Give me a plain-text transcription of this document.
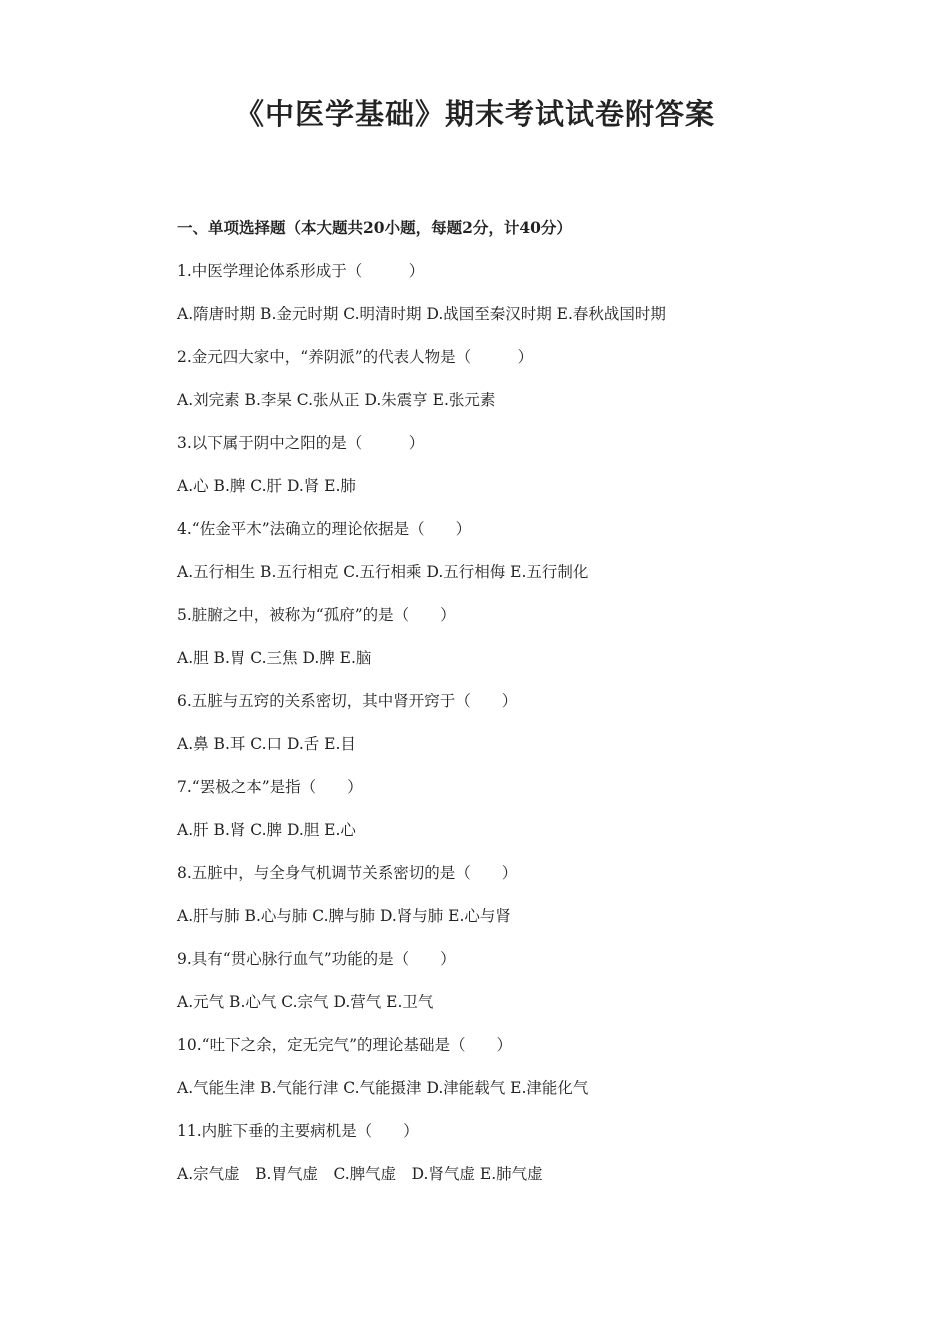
《中医学基础》期末考试试卷附答案
一、单项选择题（本大题共20小题，每题2分，计40分）
1.中医学理论体系形成于（　　　）
A.隋唐时期 B.金元时期 C.明清时期 D.战国至秦汉时期 E.春秋战国时期
2.金元四大家中，“养阴派”的代表人物是（　　　）
A.刘完素 B.李杲 C.张从正 D.朱震亨 E.张元素
3.以下属于阴中之阳的是（　　　）
A.心 B.脾 C.肝 D.肾 E.肺
4.“佐金平木”法确立的理论依据是（　　）
A.五行相生 B.五行相克 C.五行相乘 D.五行相侮 E.五行制化
5.脏腑之中，被称为“孤府”的是（　　）
A.胆 B.胃 C.三焦 D.脾 E.脑
6.五脏与五窍的关系密切，其中肾开窍于（　　）
A.鼻 B.耳 C.口 D.舌 E.目
7.“罢极之本”是指（　　）
A.肝 B.肾 C.脾 D.胆 E.心
8.五脏中，与全身气机调节关系密切的是（　　）
A.肝与肺 B.心与肺 C.脾与肺 D.肾与肺 E.心与肾
9.具有“贯心脉行血气”功能的是（　　）
A.元气 B.心气 C.宗气 D.营气 E.卫气
10.“吐下之余，定无完气”的理论基础是（　　）
A.气能生津 B.气能行津 C.气能摄津 D.津能载气 E.津能化气
11.内脏下垂的主要病机是（　　）
A.宗气虚　B.胃气虚　C.脾气虚　D.肾气虚 E.肺气虚
